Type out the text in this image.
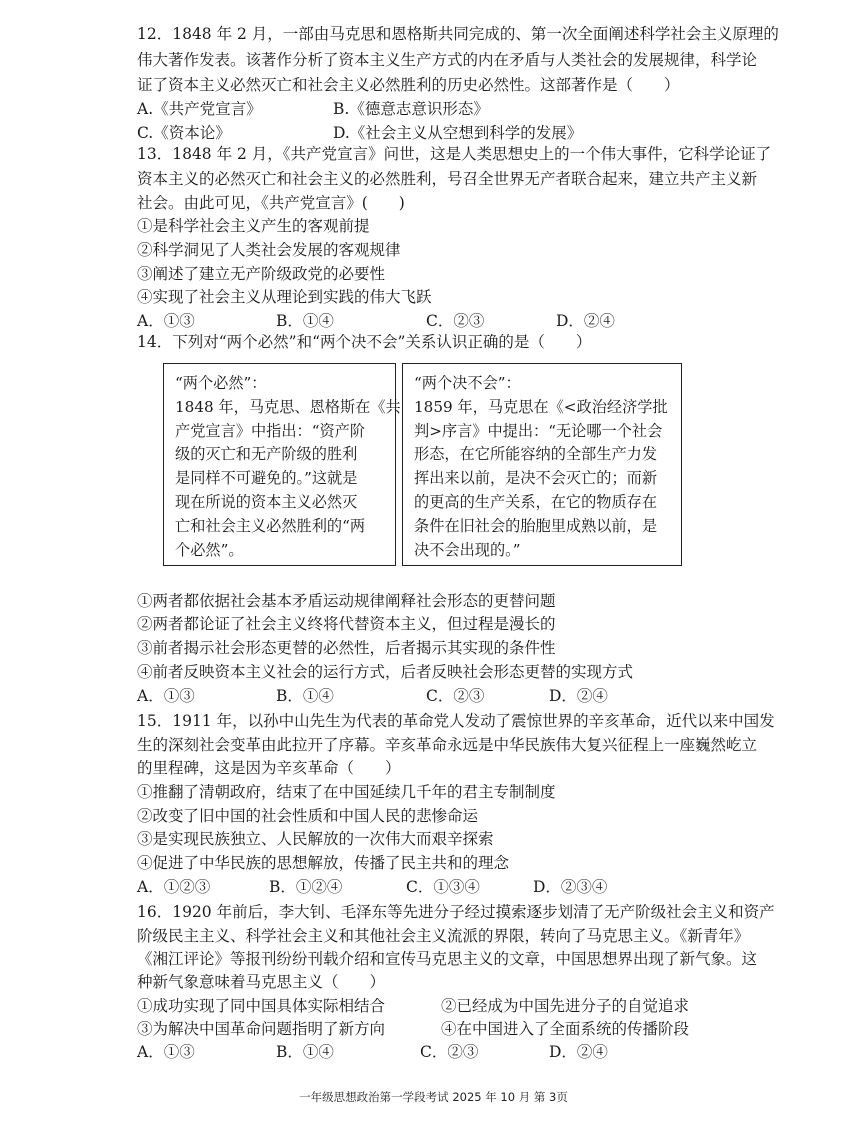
12．1848 年 2 月，一部由马克思和恩格斯共同完成的、第一次全面阐述科学社会主义原理的
伟大著作发表。该著作分析了资本主义生产方式的内在矛盾与人类社会的发展规律，科学论
证了资本主义必然灭亡和社会主义必然胜利的历史必然性。这部著作是（　　）
A.《共产党宣言》	B.《德意志意识形态》
C.《资本论》	D.《社会主义从空想到科学的发展》
13．1848 年 2 月，《共产党宣言》问世，这是人类思想史上的一个伟大事件，它科学论证了
资本主义的必然灭亡和社会主义的必然胜利，号召全世界无产者联合起来，建立共产主义新
社会。由此可见，《共产党宣言》(　　)
①是科学社会主义产生的客观前提
②科学洞见了人类社会发展的客观规律
③阐述了建立无产阶级政党的必要性
④实现了社会主义从理论到实践的伟大飞跃
A．①③	B．①④	C．②③	D．②④
14．下列对“两个必然”和“两个决不会”关系认识正确的是（　　）
“两个必然”：
1848 年，马克思、恩格斯在《共
产党宣言》中指出：“资产阶
级的灭亡和无产阶级的胜利
是同样不可避免的。”这就是
现在所说的资本主义必然灭
亡和社会主义必然胜利的“两
个必然”。
“两个决不会”：
1859 年，马克思在《<政治经济学批
判>序言》中提出：“无论哪一个社会
形态，在它所能容纳的全部生产力发
挥出来以前，是决不会灭亡的；而新
的更高的生产关系，在它的物质存在
条件在旧社会的胎胞里成熟以前，是
决不会出现的。”
①两者都依据社会基本矛盾运动规律阐释社会形态的更替问题
②两者都论证了社会主义终将代替资本主义，但过程是漫长的
③前者揭示社会形态更替的必然性，后者揭示其实现的条件性
④前者反映资本主义社会的运行方式，后者反映社会形态更替的实现方式
A．①③	B．①④	C．②③	D．②④
15．1911 年，以孙中山先生为代表的革命党人发动了震惊世界的辛亥革命，近代以来中国发
生的深刻社会变革由此拉开了序幕。辛亥革命永远是中华民族伟大复兴征程上一座巍然屹立
的里程碑，这是因为辛亥革命（　　）
①推翻了清朝政府，结束了在中国延续几千年的君主专制制度
②改变了旧中国的社会性质和中国人民的悲惨命运
③是实现民族独立、人民解放的一次伟大而艰辛探索
④促进了中华民族的思想解放，传播了民主共和的理念
A．①②③	B．①②④	C．①③④	D．②③④
16．1920 年前后，李大钊、毛泽东等先进分子经过摸索逐步划清了无产阶级社会主义和资产
阶级民主主义、科学社会主义和其他社会主义流派的界限，转向了马克思主义。《新青年》
《湘江评论》等报刊纷纷刊载介绍和宣传马克思主义的文章，中国思想界出现了新气象。这
种新气象意味着马克思主义（　　）
①成功实现了同中国具体实际相结合	②已经成为中国先进分子的自觉追求
③为解决中国革命问题指明了新方向	④在中国进入了全面系统的传播阶段
A．①③	B．①④	C．②③	D．②④
一年级思想政治第一学段考试 2025 年 10 月 第 3页
